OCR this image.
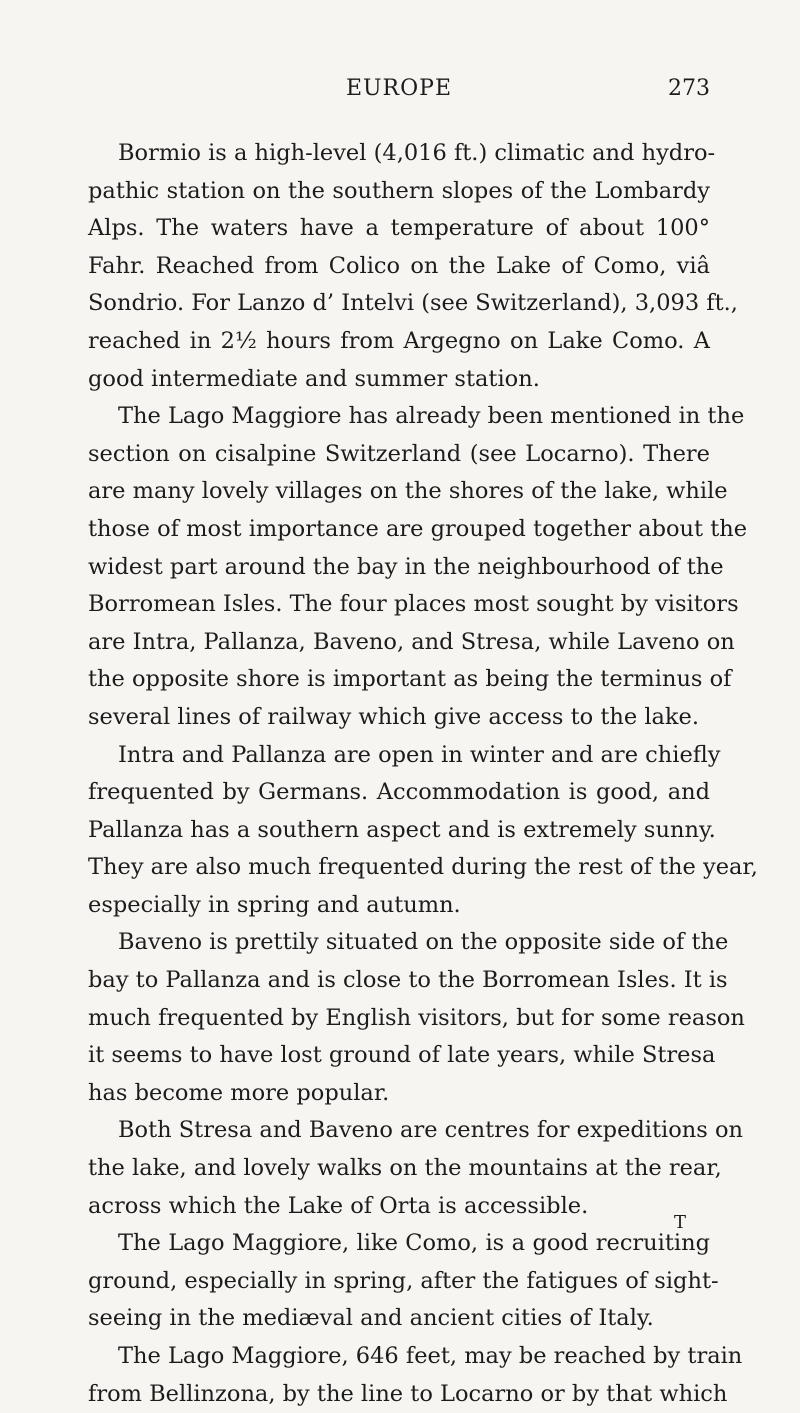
EUROPE	273
Bormio is a high-level (4,016 ft.) climatic and hydro-
pathic station on the southern slopes of the Lombardy
Alps. The waters have a temperature of about 100°
Fahr. Reached from Colico on the Lake of Como, viâ
Sondrio. For Lanzo d’ Intelvi (see Switzerland), 3,093 ft.,
reached in 2½ hours from Argegno on Lake Como. A
good intermediate and summer station.
The Lago Maggiore has already been mentioned in the
section on cisalpine Switzerland (see Locarno). There
are many lovely villages on the shores of the lake, while
those of most importance are grouped together about the
widest part around the bay in the neighbourhood of the
Borromean Isles. The four places most sought by visitors
are Intra, Pallanza, Baveno, and Stresa, while Laveno on
the opposite shore is important as being the terminus of
several lines of railway which give access to the lake.
Intra and Pallanza are open in winter and are chiefly
frequented by Germans. Accommodation is good, and
Pallanza has a southern aspect and is extremely sunny.
They are also much frequented during the rest of the year,
especially in spring and autumn.
Baveno is prettily situated on the opposite side of the
bay to Pallanza and is close to the Borromean Isles. It is
much frequented by English visitors, but for some reason
it seems to have lost ground of late years, while Stresa
has become more popular.
Both Stresa and Baveno are centres for expeditions on
the lake, and lovely walks on the mountains at the rear,
across which the Lake of Orta is accessible.
The Lago Maggiore, like Como, is a good recruiting
ground, especially in spring, after the fatigues of sight-
seeing in the mediæval and ancient cities of Italy.
The Lago Maggiore, 646 feet, may be reached by train
from Bellinzona, by the line to Locarno or by that which
T
